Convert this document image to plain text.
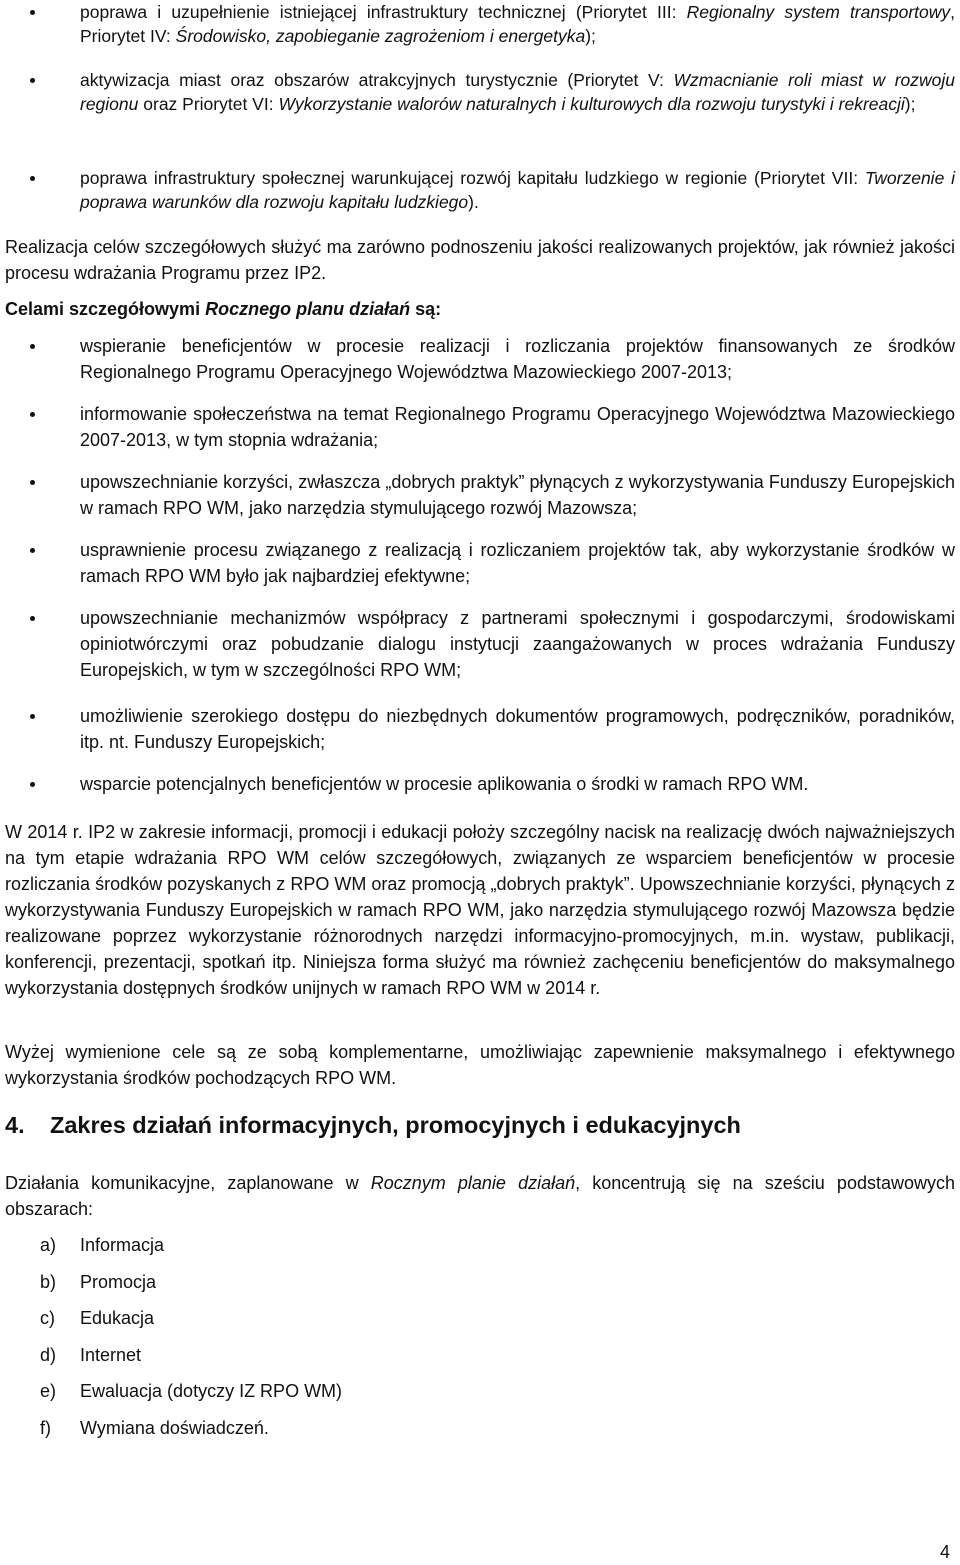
poprawa i uzupełnienie istniejącej infrastruktury technicznej (Priorytet III: Regionalny system transportowy, Priorytet IV: Środowisko, zapobieganie zagrożeniom i energetyka);
aktywizacja miast oraz obszarów atrakcyjnych turystycznie (Priorytet V: Wzmacnianie roli miast w rozwoju regionu oraz Priorytet VI: Wykorzystanie walorów naturalnych i kulturowych dla rozwoju turystyki i rekreacji);
poprawa infrastruktury społecznej warunkującej rozwój kapitału ludzkiego w regionie (Priorytet VII: Tworzenie i poprawa warunków dla rozwoju kapitału ludzkiego).

Realizacja celów szczegółowych służyć ma zarówno podnoszeniu jakości realizowanych projektów, jak również jakości procesu wdrażania Programu przez IP2.

Celami szczegółowymi Rocznego planu działań są:

wspieranie beneficjentów w procesie realizacji i rozliczania projektów finansowanych ze środków Regionalnego Programu Operacyjnego Województwa Mazowieckiego 2007-2013;
informowanie społeczeństwa na temat Regionalnego Programu Operacyjnego Województwa Mazowieckiego 2007-2013, w tym stopnia wdrażania;
upowszechnianie korzyści, zwłaszcza „dobrych praktyk” płynących z wykorzystywania Funduszy Europejskich w ramach RPO WM, jako narzędzia stymulującego rozwój Mazowsza;
usprawnienie procesu związanego z realizacją i rozliczaniem projektów tak, aby wykorzystanie środków w ramach RPO WM było jak najbardziej efektywne;
upowszechnianie mechanizmów współpracy z partnerami społecznymi i gospodarczymi, środowiskami opiniotwórczymi oraz pobudzanie dialogu instytucji zaangażowanych w proces wdrażania Funduszy Europejskich, w tym w szczególności RPO WM;
umożliwienie szerokiego dostępu do niezbędnych dokumentów programowych, podręczników, poradników, itp. nt. Funduszy Europejskich;
wsparcie potencjalnych beneficjentów w procesie aplikowania o środki w ramach RPO WM.

W 2014 r. IP2 w zakresie informacji, promocji i edukacji położy szczególny nacisk na realizację dwóch najważniejszych na tym etapie wdrażania RPO WM celów szczegółowych, związanych ze wsparciem beneficjentów w procesie rozliczania środków pozyskanych z RPO WM oraz promocją „dobrych praktyk”. Upowszechnianie korzyści, płynących z wykorzystywania Funduszy Europejskich w ramach RPO WM, jako narzędzia stymulującego rozwój Mazowsza będzie realizowane poprzez wykorzystanie różnorodnych narzędzi informacyjno-promocyjnych, m.in. wystaw, publikacji, konferencji, prezentacji, spotkań itp. Niniejsza forma służyć ma również zachęceniu beneficjentów do maksymalnego wykorzystania dostępnych środków unijnych w ramach RPO WM w 2014 r.

Wyżej wymienione cele są ze sobą komplementarne, umożliwiając zapewnienie maksymalnego i efektywnego wykorzystania środków pochodzących RPO WM.

4. Zakres działań informacyjnych, promocyjnych i edukacyjnych

Działania komunikacyjne, zaplanowane w Rocznym planie działań, koncentrują się na sześciu podstawowych obszarach:

a) Informacja
b) Promocja
c) Edukacja
d) Internet
e) Ewaluacja (dotyczy IZ RPO WM)
f) Wymiana doświadczeń.
4
